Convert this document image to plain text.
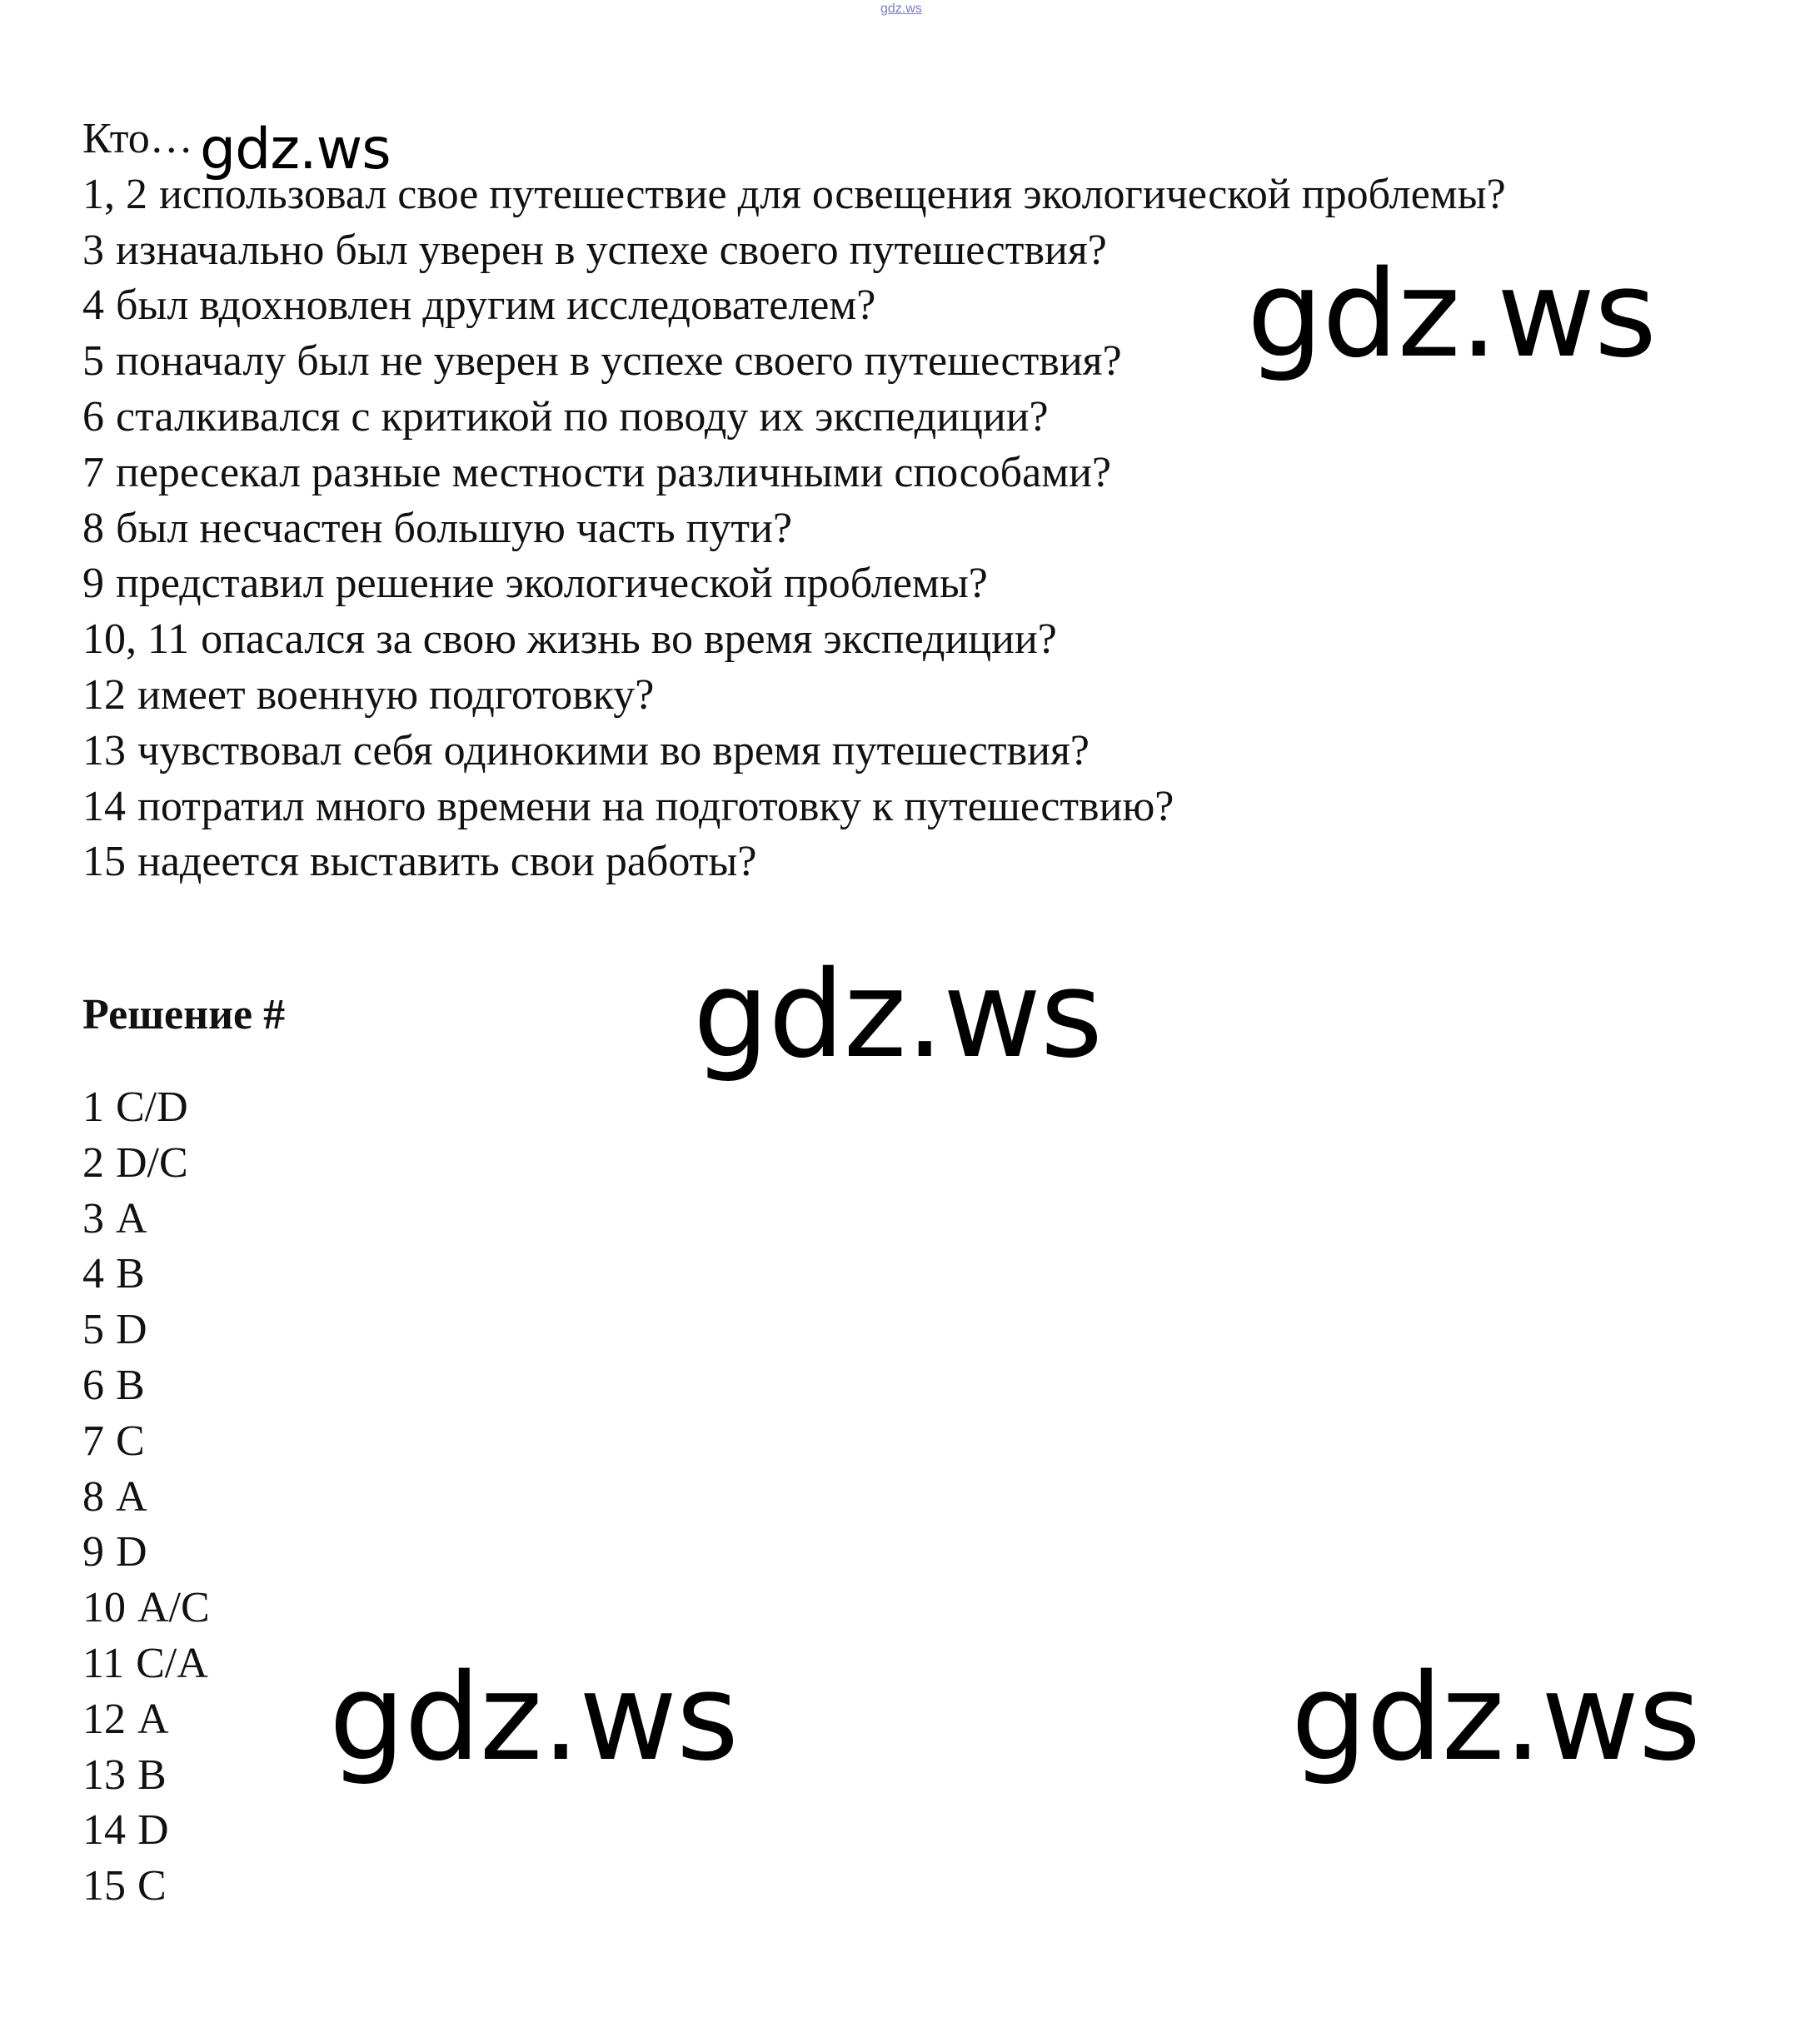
gdz.ws
Кто…
1, 2 использовал свое путешествие для освещения экологической проблемы?
3 изначально был уверен в успехе своего путешествия?
4 был вдохновлен другим исследователем?
5 поначалу был не уверен в успехе своего путешествия?
6 сталкивался с критикой по поводу их экспедиции?
7 пересекал разные местности различными способами?
8 был несчастен большую часть пути?
9 представил решение экологической проблемы?
10, 11 опасался за свою жизнь во время экспедиции?
12 имеет военную подготовку?
13 чувствовал себя одинокими во время путешествия?
14 потратил много времени на подготовку к путешествию?
15 надеется выставить свои работы?
Решение #
1 C/D
2 D/C
3 A
4 B
5 D
6 B
7 C
8 A
9 D
10 A/C
11 C/A
12 A
13 B
14 D
15 C
gdz.ws
gdz.ws
gdz.ws
gdz.ws	gdz.ws
